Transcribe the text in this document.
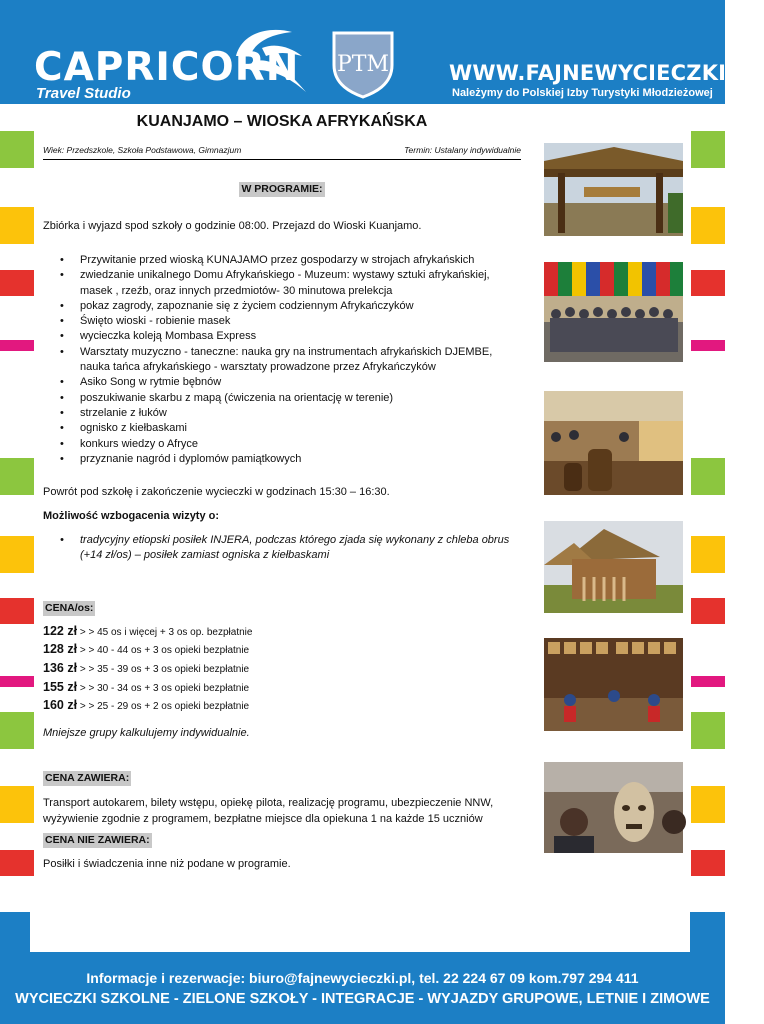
CAPRICORN
Travel Studio
PTM	WWW.FAJNEWYCIECZKI.PL
Należymy do Polskiej Izby Turystyki Młodzieżowej
KUANJAMO – WIOSKA AFRYKAŃSKA
Wiek: Przedszkole, Szkoła Podstawowa, Gimnazjum	Termin: Ustalany indywidualnie
W PROGRAMIE:
Zbiórka i wyjazd spod szkoły o godzinie 08:00. Przejazd do Wioski Kuanjamo.
• Przywitanie przed wioską KUNAJAMO przez gospodarzy w strojach afrykańskich
• zwiedzanie unikalnego Domu Afrykańskiego - Muzeum: wystawy sztuki afrykańskiej, masek , rzeźb, oraz innych przedmiotów- 30 minutowa prelekcja
• pokaz zagrody, zapoznanie się z życiem codziennym Afrykańczyków
• Święto wioski - robienie masek
• wycieczka koleją Mombasa Express
• Warsztaty muzyczno - taneczne: nauka gry na instrumentach afrykańskich DJEMBE, nauka tańca afrykańskiego - warsztaty prowadzone przez Afrykańczyków
• Asiko Song w rytmie bębnów
• poszukiwanie skarbu z mapą (ćwiczenia na orientację w terenie)
• strzelanie z łuków
• ognisko z kiełbaskami
• konkurs wiedzy o Afryce
• przyznanie nagród i dyplomów pamiątkowych
Powrót pod szkołę i zakończenie wycieczki w godzinach 15:30 – 16:30.
Możliwość wzbogacenia wizyty o:
• tradycyjny etiopski posiłek INJERA, podczas którego zjada się wykonany z chleba obrus (+14 zł/os) – posiłek zamiast ogniska z kiełbaskami
CENA/os:
122 zł > > 45 os i więcej + 3 os op. bezpłatnie
128 zł > > 40 - 44 os + 3 os opieki bezpłatnie
136 zł > > 35 - 39 os + 3 os opieki bezpłatnie
155 zł > > 30 - 34 os + 3 os opieki bezpłatnie
160 zł > > 25 - 29 os + 2 os opieki bezpłatnie
Mniejsze grupy kalkulujemy indywidualnie.
CENA ZAWIERA:
Transport autokarem, bilety wstępu, opiekę pilota, realizację programu, ubezpieczenie NNW, wyżywienie zgodnie z programem, bezpłatne miejsce dla opiekuna 1 na każde 15 uczniów
CENA NIE ZAWIERA:
Posiłki i świadczenia inne niż podane w programie.
Informacje i rezerwacje: biuro@fajnewycieczki.pl, tel. 22 224 67 09 kom.797 294 411
WYCIECZKI SZKOLNE - ZIELONE SZKOŁY - INTEGRACJE - WYJAZDY GRUPOWE, LETNIE I ZIMOWE
